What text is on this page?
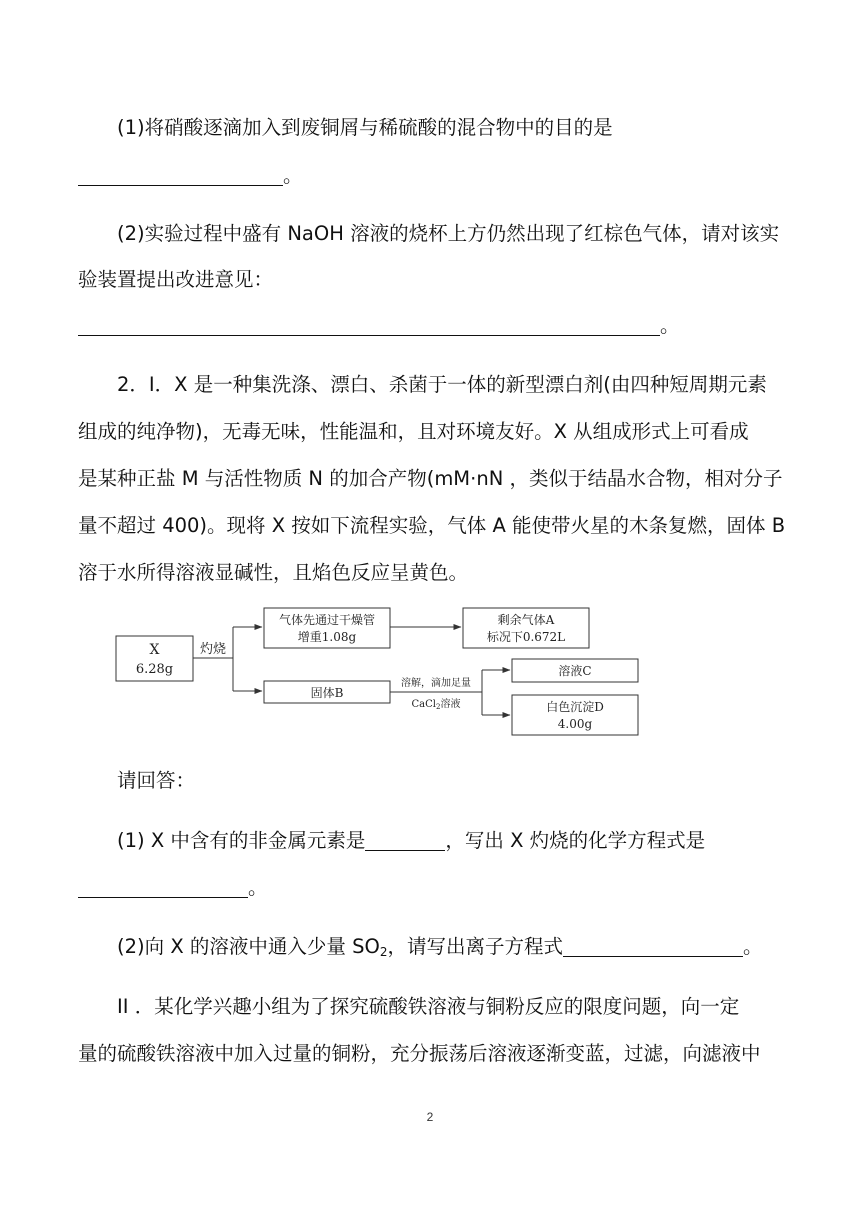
(1)将硝酸逐滴加入到废铜屑与稀硫酸的混合物中的目的是
。
(2)实验过程中盛有 NaOH 溶液的烧杯上方仍然出现了红棕色气体，请对该实
验装置提出改进意见：
。
2．I．X 是一种集洗涤、漂白、杀菌于一体的新型漂白剂(由四种短周期元素
组成的纯净物)，无毒无味，性能温和，且对环境友好。X 从组成形式上可看成
是某种正盐 M 与活性物质 N 的加合产物(mM·nN ，类似于结晶水合物，相对分子
量不超过 400)。现将 X 按如下流程实验，气体 A 能使带火星的木条复燃，固体 B
溶于水所得溶液显碱性，且焰色反应呈黄色。
X
6.28g
灼烧
气体先通过干燥管
增重1.08g
剩余气体A
标况下0.672L
固体B
溶解，滴加足量
CaCl$_2$溶液
溶液C
白色沉淀D
4.00g
请回答：
(1) X 中含有的非金属元素是	，写出 X 灼烧的化学方程式是
。
(2)向 X 的溶液中通入少量 $SO_2$，请写出离子方程式	。
II ．某化学兴趣小组为了探究硫酸铁溶液与铜粉反应的限度问题，向一定
量的硫酸铁溶液中加入过量的铜粉，充分振荡后溶液逐渐变蓝，过滤，向滤液中
2
